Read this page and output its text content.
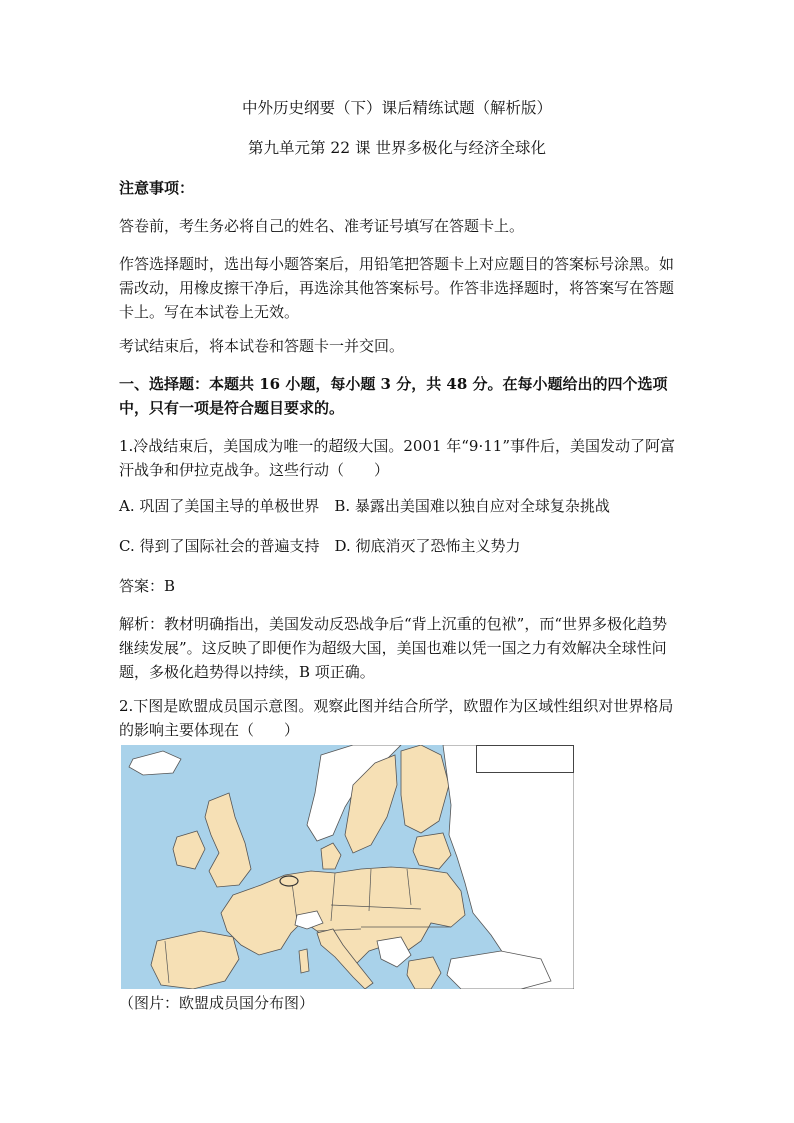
中外历史纲要（下）课后精练试题（解析版）
第九单元第 22 课 世界多极化与经济全球化
注意事项：
答卷前，考生务必将自己的姓名、准考证号填写在答题卡上。
作答选择题时，选出每小题答案后，用铅笔把答题卡上对应题目的答案标号涂黑。如需改动，用橡皮擦干净后，再选涂其他答案标号。作答非选择题时，将答案写在答题卡上。写在本试卷上无效。
考试结束后，将本试卷和答题卡一并交回。
一、选择题：本题共 16 小题，每小题 3 分，共 48 分。在每小题给出的四个选项中，只有一项是符合题目要求的。
1.冷战结束后，美国成为唯一的超级大国。2001 年“9·11”事件后，美国发动了阿富汗战争和伊拉克战争。这些行动（　　）
A. 巩固了美国主导的单极世界　B. 暴露出美国难以独自应对全球复杂挑战
C. 得到了国际社会的普遍支持　D. 彻底消灭了恐怖主义势力
答案：B
解析：教材明确指出，美国发动反恐战争后“背上沉重的包袱”，而“世界多极化趋势继续发展”。这反映了即便作为超级大国，美国也难以凭一国之力有效解决全球性问题，多极化趋势得以持续，B 项正确。
2.下图是欧盟成员国示意图。观察此图并结合所学，欧盟作为区域性组织对世界格局的影响主要体现在（　　）
（图片：欧盟成员国分布图）
